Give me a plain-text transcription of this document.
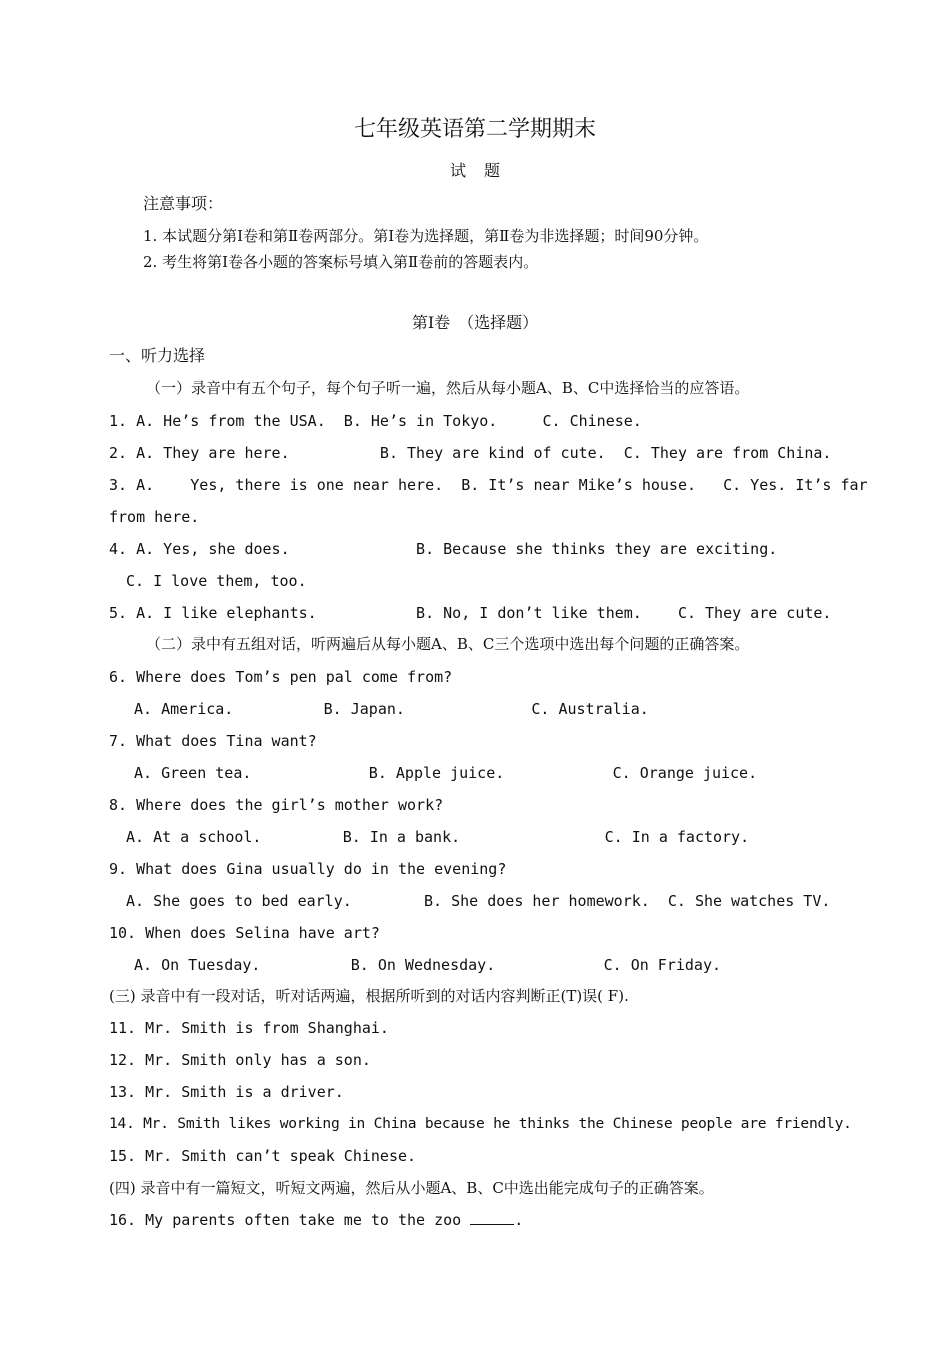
七年级英语第二学期期末
试题
注意事项：
1. 本试题分第Ⅰ卷和第Ⅱ卷两部分。第Ⅰ卷为选择题，第Ⅱ卷为非选择题；时间90分钟。
2. 考生将第Ⅰ卷各小题的答案标号填入第Ⅱ卷前的答题表内。
第Ⅰ卷　（选择题）
一、听力选择
（一）录音中有五个句子，每个句子听一遍，然后从每小题A、B、C中选择恰当的应答语。
1. A. He’s from the USA.  B. He’s in Tokyo.     C. Chinese.
2. A. They are here.          B. They are kind of cute.  C. They are from China.
3. A.    Yes, there is one near here.  B. It’s near Mike’s house.   C. Yes. It’s far
from here.
4. A. Yes, she does.              B. Because she thinks they are exciting.
C. I love them, too.
5. A. I like elephants.           B. No, I don’t like them.    C. They are cute.
（二）录中有五组对话，听两遍后从每小题A、B、C三个选项中选出每个问题的正确答案。
6. Where does Tom’s pen pal come from?
A. America.          B. Japan.              C. Australia.
7. What does Tina want?
A. Green tea.             B. Apple juice.            C. Orange juice.
8. Where does the girl’s mother work?
A. At a school.         B. In a bank.                C. In a factory.
9. What does Gina usually do in the evening?
A. She goes to bed early.        B. She does her homework.  C. She watches TV.
10. When does Selina have art?
A. On Tuesday.          B. On Wednesday.            C. On Friday.
(三) 录音中有一段对话，听对话两遍，根据所听到的对话内容判断正(T)误( F).
11. Mr. Smith is from Shanghai.
12. Mr. Smith only has a son.
13. Mr. Smith is a driver.
14. Mr. Smith likes working in China because he thinks the Chinese people are friendly.
15. Mr. Smith can’t speak Chinese.
(四) 录音中有一篇短文，听短文两遍，然后从小题A、B、C中选出能完成句子的正确答案。
16. My parents often take me to the zoo	.
